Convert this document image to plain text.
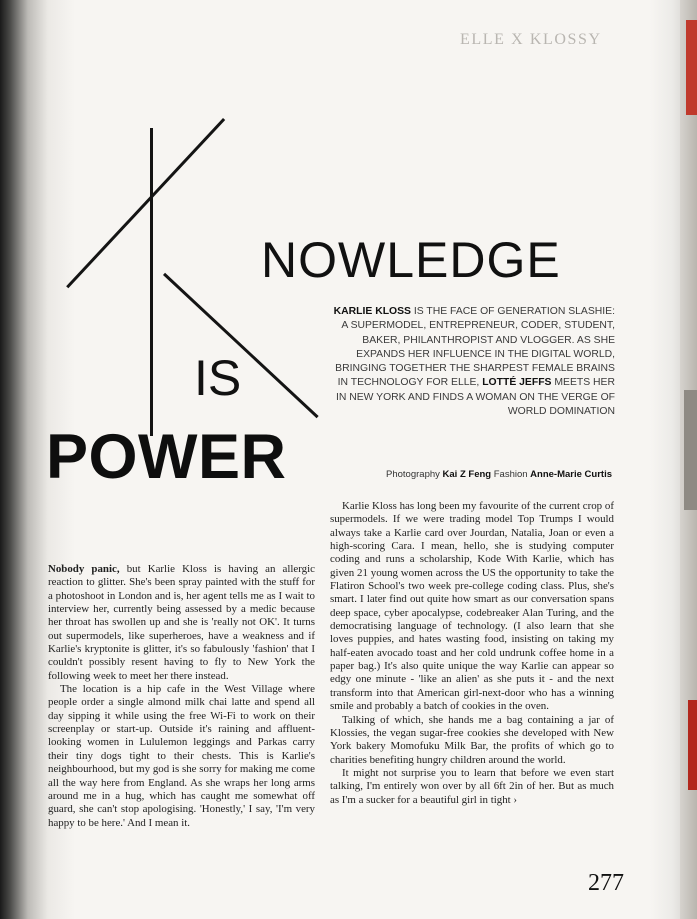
ELLE X KLOSSY
NOWLEDGE
IS
POWER
KARLIE KLOSS IS THE FACE OF GENERATION SLASHIE: A SUPERMODEL, ENTREPRENEUR, CODER, STUDENT, BAKER, PHILANTHROPIST AND VLOGGER. AS SHE EXPANDS HER INFLUENCE IN THE DIGITAL WORLD, BRINGING TOGETHER THE SHARPEST FEMALE BRAINS IN TECHNOLOGY FOR ELLE, LOTTÉ JEFFS MEETS HER IN NEW YORK AND FINDS A WOMAN ON THE VERGE OF WORLD DOMINATION
Photography Kai Z Feng Fashion Anne-Marie Curtis

Nobody panic, but Karlie Kloss is having an allergic reaction to glitter. She's been spray painted with the stuff for a photoshoot in London and is, her agent tells me as I wait to interview her, currently being assessed by a medic because her throat has swollen up and she is 'really not OK'. It turns out supermodels, like superheroes, have a weakness and if Karlie's kryptonite is glitter, it's so fabulously 'fashion' that I couldn't possibly resent having to fly to New York the following week to meet her there instead.

The location is a hip cafe in the West Village where people order a single almond milk chai latte and spend all day sipping it while using the free Wi-Fi to work on their screenplay or start-up. Outside it's raining and affluent-looking women in Lululemon leggings and Parkas carry their tiny dogs tight to their chests. This is Karlie's neighbourhood, but my god is she sorry for making me come all the way here from England. As she wraps her long arms around me in a hug, which has caught me somewhat off guard, she can't stop apologising. 'Honestly,' I say, 'I'm very happy to be here.' And I mean it.

Karlie Kloss has long been my favourite of the current crop of supermodels. If we were trading model Top Trumps I would always take a Karlie card over Jourdan, Natalia, Joan or even a high-scoring Cara. I mean, hello, she is studying computer coding and runs a scholarship, Kode With Karlie, which has given 21 young women across the US the opportunity to take the Flatiron School's two week pre-college coding class. Plus, she's smart. I later find out quite how smart as our conversation spans deep space, cyber apocalypse, codebreaker Alan Turing, and the democratising language of technology. (I also learn that she loves puppies, and hates wasting food, insisting on taking my half-eaten avocado toast and her cold undrunk coffee home in a paper bag.) It's also quite unique the way Karlie can appear so edgy one minute - 'like an alien' as she puts it - and the next transform into that American girl-next-door who has a winning smile and probably a batch of cookies in the oven.

Talking of which, she hands me a bag containing a jar of Klossies, the vegan sugar-free cookies she developed with New York bakery Momofuku Milk Bar, the profits of which go to charities benefiting hungry children around the world.

It might not surprise you to learn that before we even start talking, I'm entirely won over by all 6ft 2in of her. But as much as I'm a sucker for a beautiful girl in tight ›

277
